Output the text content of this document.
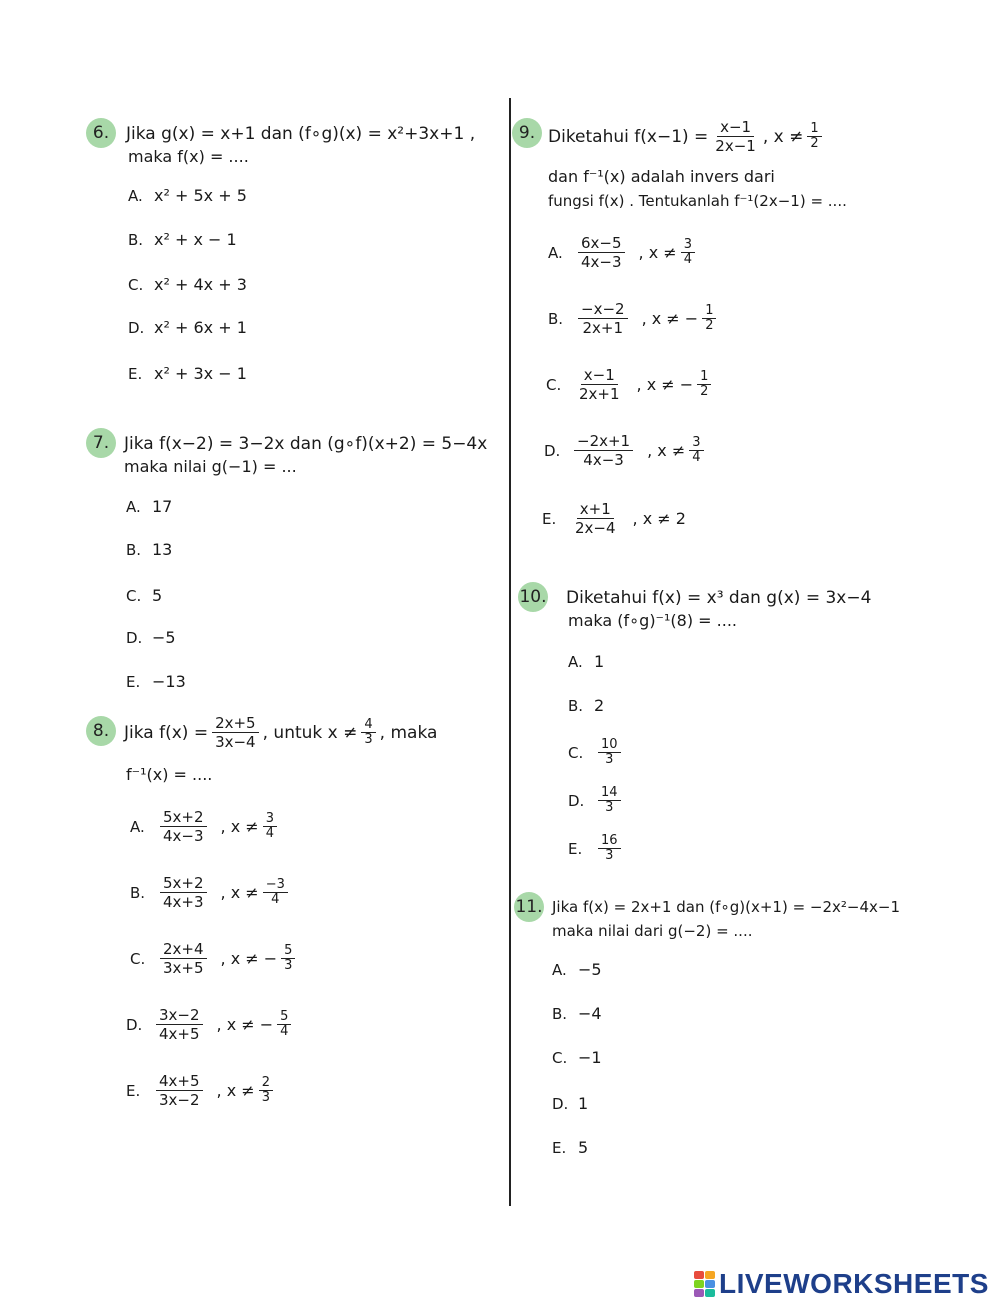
6. Jika g(x) = x+1 dan (f∘g)(x) = x²+3x+1 ,
maka f(x) = ....
A. x² + 5x + 5
B. x² + x − 1
C. x² + 4x + 3
D. x² + 6x + 1
E. x² + 3x − 1
7. Jika f(x−2) = 3−2x dan (g∘f)(x+2) = 5−4x
maka nilai g(−1) = ...
A. 17
B. 13
C. 5
D. −5
E. −13
8. Jika $f(x) = \frac{2x+5}{3x-4}$ , untuk $x \ne \frac{4}{3}$ , maka
f⁻¹(x) = ....
A.	$\frac{5x+2}{4x-3}$ , $x \ne \frac{3}{4}$
B. $\frac{5x+2}{4x+3}$ , $x \ne \frac{-3}{4}$
C. $\frac{2x+4}{3x+5}$ , x ≠ − $\frac{5}{3}$
D. $\frac{3x-2}{4x+5}$ , x ≠ − $\frac{5}{4}$
E.	$\frac{4x+5}{3x-2}$ , $x \ne \frac{2}{3}$
9. Diketahui $f(x-1) = \frac{x-1}{2x-1}$ , $x \ne \frac{1}{2}$
dan f⁻¹(x) adalah invers dari
fungsi f(x) . Tentukanlah f⁻¹(2x−1) = ....
A.	$\frac{6x-5}{4x-3}$ , $x \ne \frac{3}{4}$
B. $\frac{-x-2}{2x+1}$ , x ≠ − $\frac{1}{2}$
C. $\frac{x-1}{2x+1}$ , x ≠ − $\frac{1}{2}$
D. $\frac{-2x+1}{4x-3}$ , $x \ne \frac{3}{4}$
E.	$\frac{x+1}{2x-4}$ , x ≠ 2
10. Diketahui f(x) = x³ dan g(x) = 3x−4
maka (f∘g)⁻¹(8) = ....
A. 1
B. 2
C.	$\frac{10}{3}$
D.	$\frac{14}{3}$
E.	$\frac{16}{3}$
11. Jika f(x) = 2x+1 dan (f∘g)(x+1) = −2x²−4x−1
maka nilai dari g(−2) = ....
A. −5
B. −4
C. −1
D. 1
E. 5
LIVEWORKSHEETS
